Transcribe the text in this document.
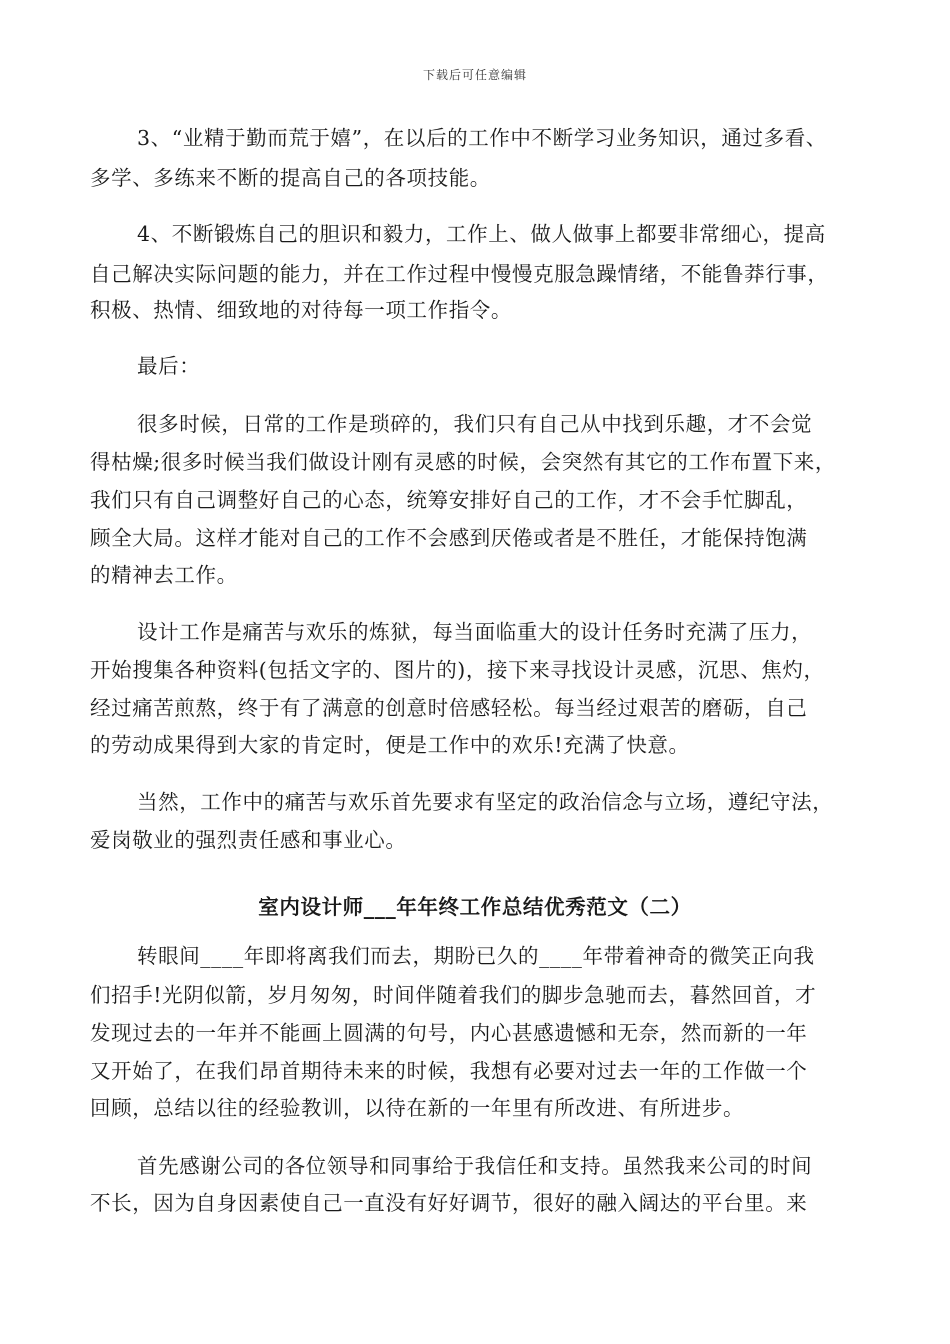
下载后可任意编辑
3、“业精于勤而荒于嬉”，在以后的工作中不断学习业务知识，通过多看、
多学、多练来不断的提高自己的各项技能。
4、不断锻炼自己的胆识和毅力，工作上、做人做事上都要非常细心，提高
自己解决实际问题的能力，并在工作过程中慢慢克服急躁情绪，不能鲁莽行事，
积极、热情、细致地的对待每一项工作指令。
最后：
很多时候，日常的工作是琐碎的，我们只有自己从中找到乐趣，才不会觉
得枯燥;很多时候当我们做设计刚有灵感的时候，会突然有其它的工作布置下来，
我们只有自己调整好自己的心态，统筹安排好自己的工作，才不会手忙脚乱，
顾全大局。这样才能对自己的工作不会感到厌倦或者是不胜任，才能保持饱满
的精神去工作。
设计工作是痛苦与欢乐的炼狱，每当面临重大的设计任务时充满了压力，
开始搜集各种资料(包括文字的、图片的)，接下来寻找设计灵感，沉思、焦灼，
经过痛苦煎熬，终于有了满意的创意时倍感轻松。每当经过艰苦的磨砺，自己
的劳动成果得到大家的肯定时，便是工作中的欢乐!充满了快意。
当然，工作中的痛苦与欢乐首先要求有坚定的政治信念与立场，遵纪守法，
爱岗敬业的强烈责任感和事业心。
室内设计师___年年终工作总结优秀范文（二）
转眼间____年即将离我们而去，期盼已久的____年带着神奇的微笑正向我
们招手!光阴似箭，岁月匆匆，时间伴随着我们的脚步急驰而去，暮然回首，才
发现过去的一年并不能画上圆满的句号，内心甚感遗憾和无奈，然而新的一年
又开始了，在我们昂首期待未来的时候，我想有必要对过去一年的工作做一个
回顾，总结以往的经验教训，以待在新的一年里有所改进、有所进步。
首先感谢公司的各位领导和同事给于我信任和支持。虽然我来公司的时间
不长，因为自身因素使自己一直没有好好调节，很好的融入阔达的平台里。来
